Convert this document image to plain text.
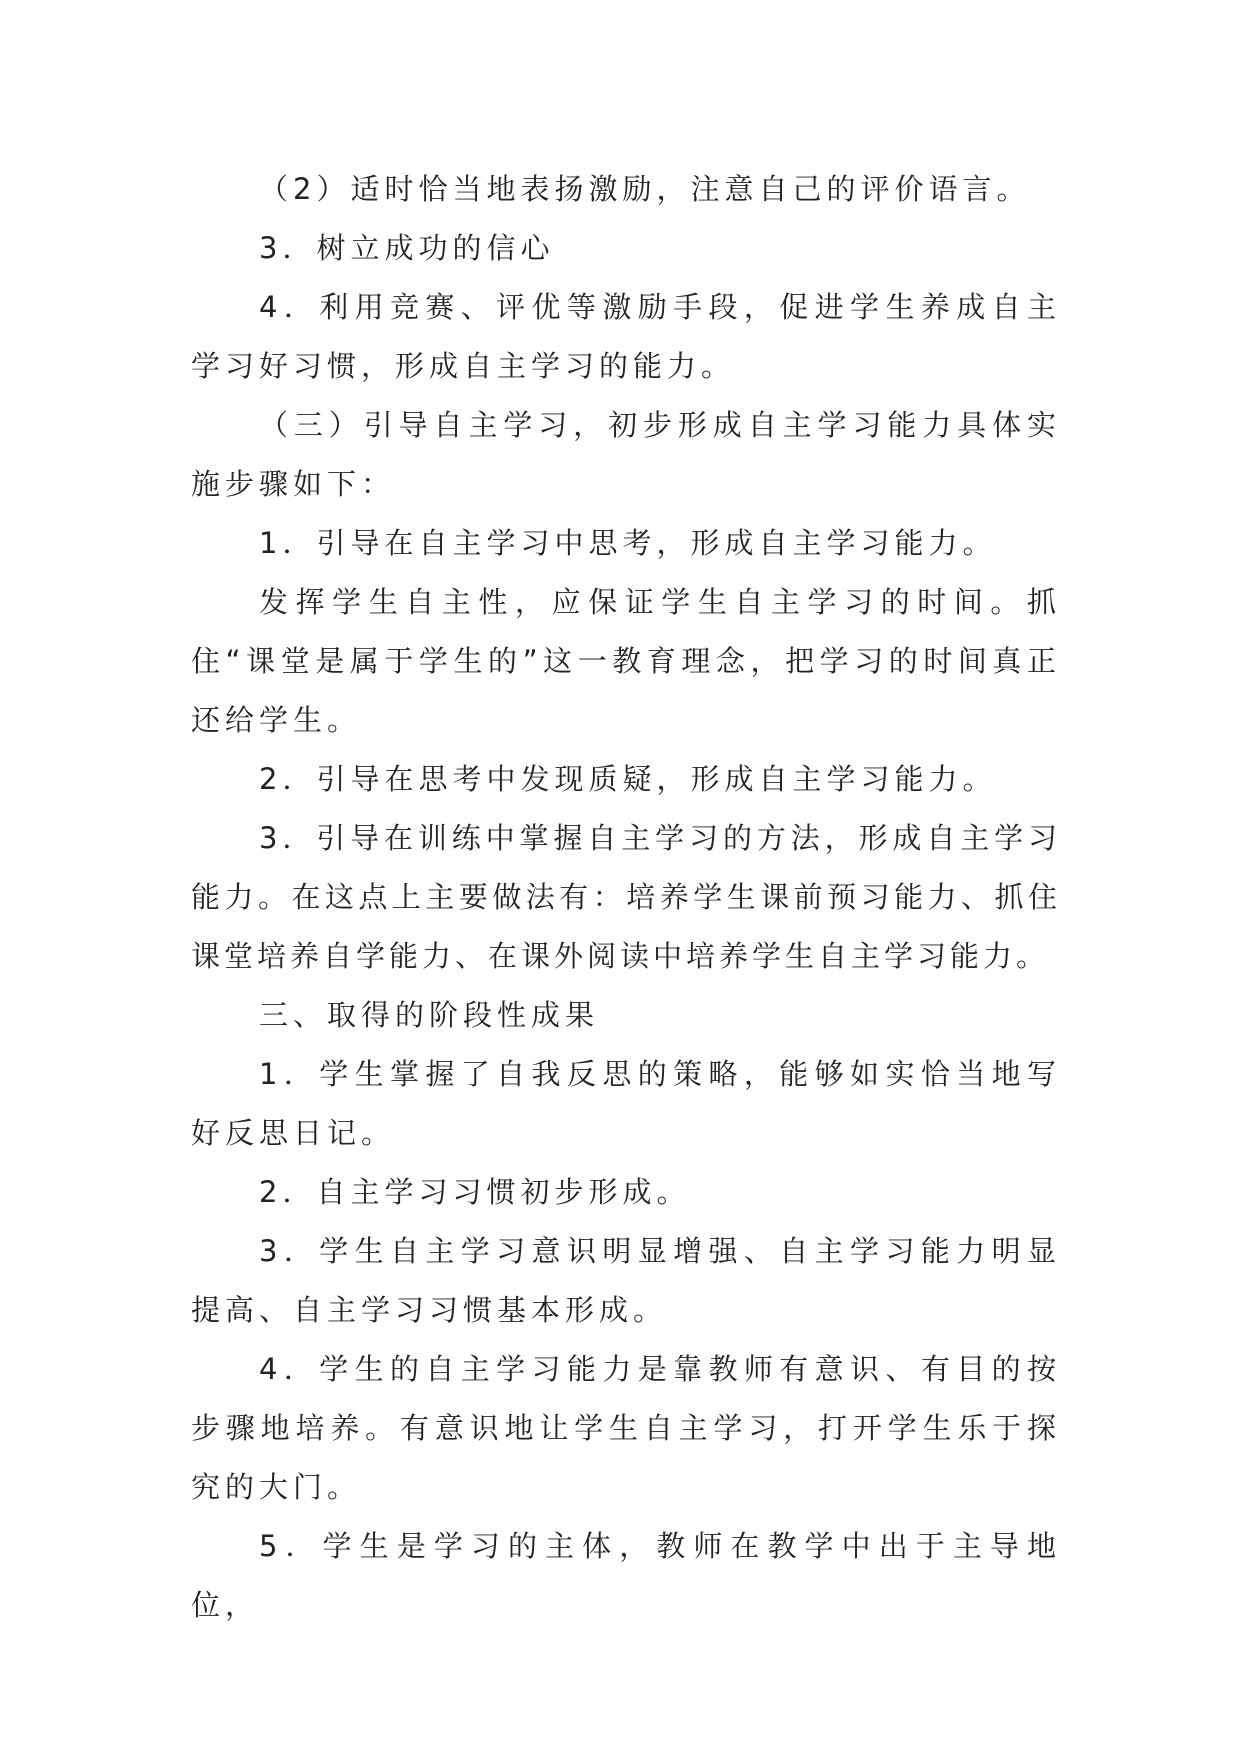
（2）适时恰当地表扬激励，注意自己的评价语言。

3．树立成功的信心

4．利用竞赛、评优等激励手段，促进学生养成自主学习好习惯，形成自主学习的能力。

（三）引导自主学习，初步形成自主学习能力具体实施步骤如下：

1．引导在自主学习中思考，形成自主学习能力。

发挥学生自主性，应保证学生自主学习的时间。抓住“课堂是属于学生的”这一教育理念，把学习的时间真正还给学生。

2．引导在思考中发现质疑，形成自主学习能力。

3．引导在训练中掌握自主学习的方法，形成自主学习能力。在这点上主要做法有：培养学生课前预习能力、抓住课堂培养自学能力、在课外阅读中培养学生自主学习能力。

三、取得的阶段性成果

1．学生掌握了自我反思的策略，能够如实恰当地写好反思日记。

2．自主学习习惯初步形成。

3．学生自主学习意识明显增强、自主学习能力明显提高、自主学习习惯基本形成。

4．学生的自主学习能力是靠教师有意识、有目的按步骤地培养。有意识地让学生自主学习，打开学生乐于探究的大门。

5．学生是学习的主体，教师在教学中出于主导地位，
